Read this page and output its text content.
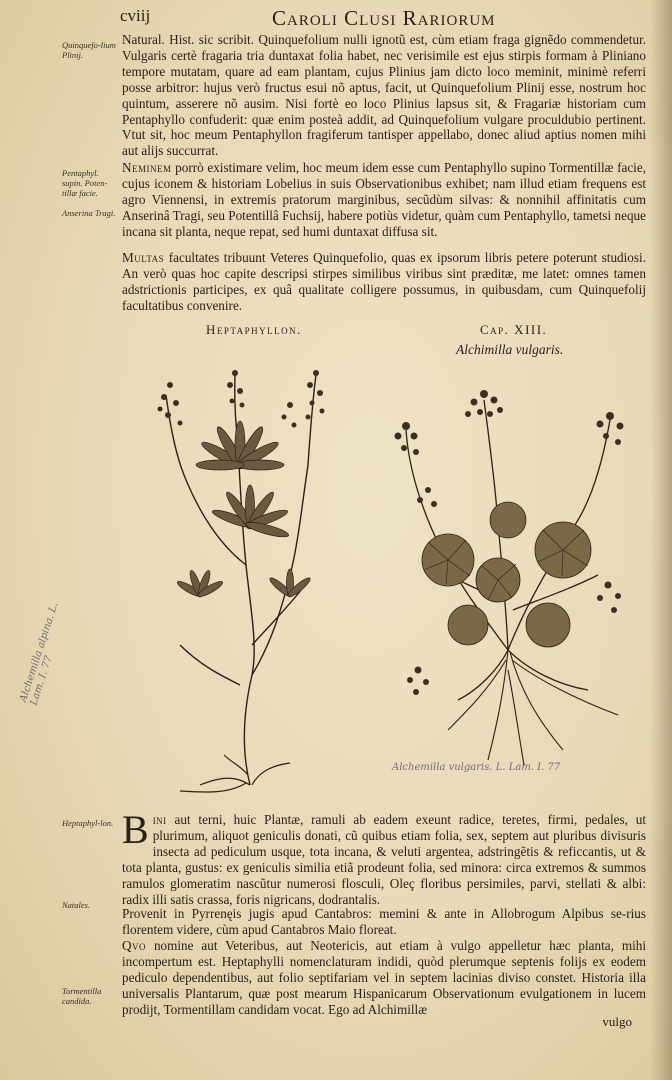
cviij	Caroli Clusi Rariorum
Quinquefo-lium Plinij.
Pentaphyl. supin. Poten-tillæ facie.
Anserina Tragi.
Heptaphyl-lon.
Natales.
Tormentilla candida.

Natural. Hist. sic scribit. Quinquefolium nulli ignotũ est, cùm etiam fraga gignẽdo commendetur. Vulgaris certè fragaria tria duntaxat folia habet, nec verisimile est ejus stirpis formam à Pliniano tempore mutatam, quare ad eam plantam, cujus Plinius jam dicto loco meminit, minimè referri posse arbitror: hujus verò fructus esui nõ aptus, facit, ut Quinquefolium Plinij esse, nostrum hoc quintum, asserere nõ ausim. Nisi fortè eo loco Plinius lapsus sit, & Fragariæ historiam cum Pentaphyllo confuderit: quæ enim posteà addit, ad Quinquefolium vulgare proculdubio pertinent. Vtut sit, hoc meum Pentaphyllon fragiferum tantisper appellabo, donec aliud aptius nomen mihi aut alijs succurrat.

Neminem porrò existimare velim, hoc meum idem esse cum Pentaphyllo supino Tormentillæ facie, cujus iconem & historiam Lobelius in suis Observationibus exhibet; nam illud etiam frequens est agro Viennensi, in extremis pratorum marginibus, secũdùm silvas: & nonnihil affinitatis cum Anserinâ Tragi, seu Potentillâ Fuchsij, habere potiùs videtur, quàm cum Pentaphyllo, tametsi neque incana sit planta, neque repat, sed humi duntaxat diffusa sit.

Multas facultates tribuunt Veteres Quinquefolio, quas ex ipsorum libris petere poterunt studiosi. An verò quas hoc capite descripsi stirpes similibus viribus sint præditæ, me latet: omnes tamen adstrictionis participes, ex quâ qualitate colligere possumus, in quibusdam, cum Quinquefolij facultatibus convenire.

Heptaphyllon.	Cap. XIII.
Alchimilla vulgaris.
Alchemilla alpina. L. Lam. I. 77
Alchemilla vulgaris. L. Lam. I. 77

Bini aut terni, huic Plantæ, ramuli ab eadem exeunt radice, teretes, firmi, pedales, ut plurimum, aliquot geniculis donati, cũ quibus etiam folia, sex, septem aut pluribus divisuris insecta ad pediculum usque, tota incana, & veluti argentea, adstringẽtis & reficcantis, ut & tota planta, gustus: ex geniculis similia etiã prodeunt folia, sed minora: circa extremos & summos ramulos glomeratim nascũtur numerosi flosculi, Oleç floribus persimiles, parvi, stellati & albi: radix illi satis crassa, foris nigricans, dodrantalis.

Provenit in Pyrrenęis jugis apud Cantabros: memini & ante in Allobrogum Alpibus se-rius florentem videre, cùm apud Cantabros Maio floreat.

Qvo nomine aut Veteribus, aut Neotericis, aut etiam à vulgo appelletur hæc planta, mihi incompertum est. Heptaphylli nomenclaturam indidi, quòd plerumque septenis folijs ex eodem pediculo dependentibus, aut folio septifariam vel in septem lacinias diviso constet. Historia illa universalis Plantarum, quæ post mearum Hispanicarum Observationum evulgationem in lucem prodijt, Tormentillam candidam vocat. Ego ad Alchimillæ

vulgo
